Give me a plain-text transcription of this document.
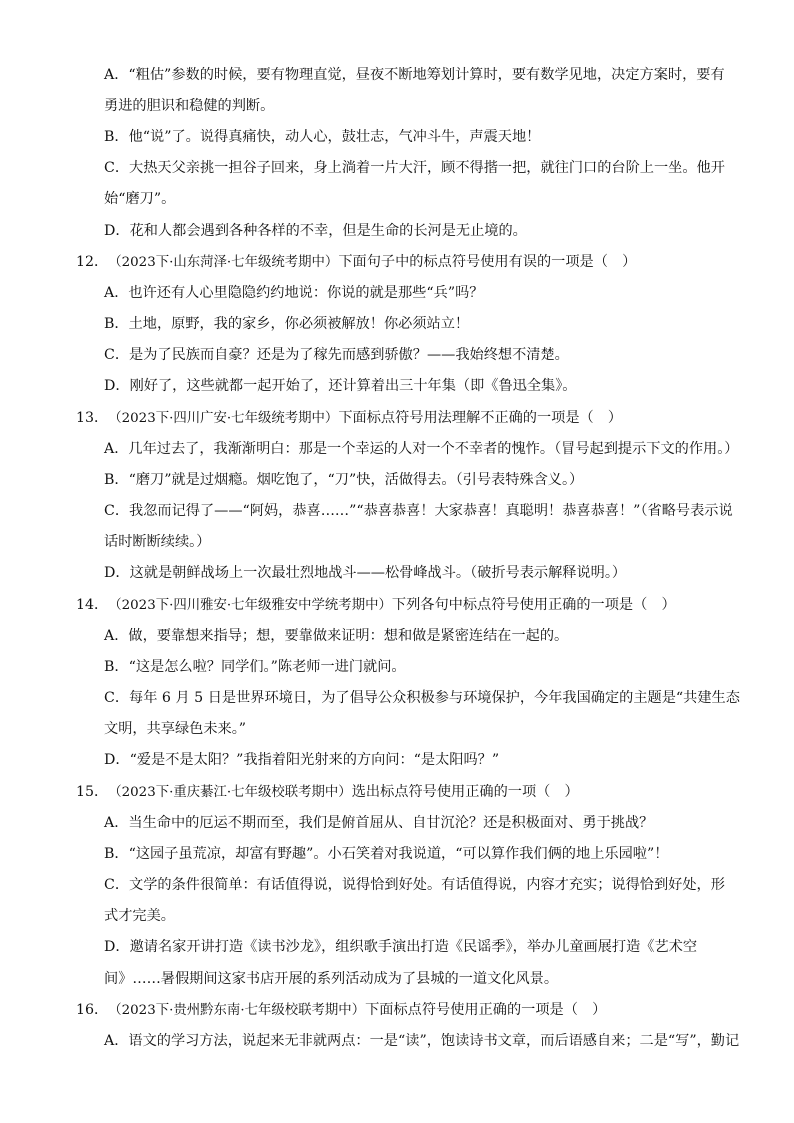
A．“粗估”参数的时候，要有物理直觉，昼夜不断地筹划计算时，要有数学见地，决定方案时，要有
勇进的胆识和稳健的判断。
B．他“说”了。说得真痛快，动人心，鼓壮志，气冲斗牛，声震天地！
C．大热天父亲挑一担谷子回来，身上淌着一片大汗，顾不得揩一把，就往门口的台阶上一坐。他开
始“磨刀”。
D．花和人都会遇到各种各样的不幸，但是生命的长河是无止境的。
12．（2023下·山东菏泽·七年级统考期中）下面句子中的标点符号使用有误的一项是（　）
A．也许还有人心里隐隐约约地说：你说的就是那些“兵”吗？
B．土地，原野，我的家乡，你必须被解放！你必须站立！
C．是为了民族而自豪？还是为了稼先而感到骄傲？——我始终想不清楚。
D．刚好了，这些就都一起开始了，还计算着出三十年集（即《鲁迅全集》。
13．（2023下·四川广安·七年级统考期中）下面标点符号用法理解不正确的一项是（　）
A．几年过去了，我渐渐明白：那是一个幸运的人对一个不幸者的愧怍。（冒号起到提示下文的作用。）
B．“磨刀”就是过烟瘾。烟吃饱了，“刀”快，活做得去。（引号表特殊含义。）
C．我忽而记得了——“阿妈，恭喜……”“恭喜恭喜！大家恭喜！真聪明！恭喜恭喜！”（省略号表示说
话时断断续续。）
D．这就是朝鲜战场上一次最壮烈地战斗——松骨峰战斗。（破折号表示解释说明。）
14．（2023下·四川雅安·七年级雅安中学统考期中）下列各句中标点符号使用正确的一项是（　）
A．做，要靠想来指导；想，要靠做来证明：想和做是紧密连结在一起的。
B．“这是怎么啦？同学们。”陈老师一进门就问。
C．每年 6 月 5 日是世界环境日，为了倡导公众积极参与环境保护，今年我国确定的主题是“共建生态
文明，共享绿色未来。”
D．“爱是不是太阳？”我指着阳光射来的方向问：“是太阳吗？”
15．（2023下·重庆綦江·七年级校联考期中）选出标点符号使用正确的一项（　）
A．当生命中的厄运不期而至，我们是俯首屈从、自甘沉沦？还是积极面对、勇于挑战？
B．“这园子虽荒凉，却富有野趣”。小石笑着对我说道，“可以算作我们俩的地上乐园啦”！
C．文学的条件很简单：有话值得说，说得恰到好处。有话值得说，内容才充实；说得恰到好处，形
式才完美。
D．邀请名家开讲打造《读书沙龙》，组织歌手演出打造《民谣季》，举办儿童画展打造《艺术空
间》……暑假期间这家书店开展的系列活动成为了县城的一道文化风景。
16．（2023下·贵州黔东南·七年级校联考期中）下面标点符号使用正确的一项是（　）
A．语文的学习方法，说起来无非就两点：一是“读”，饱读诗书文章，而后语感自来；二是“写”，勤记
